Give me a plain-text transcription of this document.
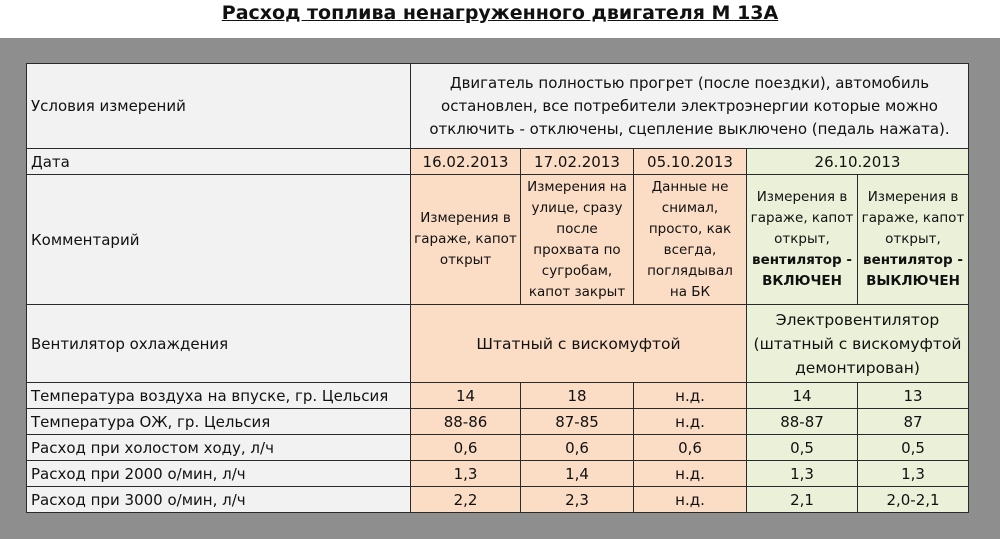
Расход топлива ненагруженного двигателя М 13А
Условия измерений	Двигатель полностью прогрет (после поездки), автомобиль остановлен, все потребители электроэнергии которые можно отключить - отключены, сцепление выключено (педаль нажата).				
Дата	16.02.2013	17.02.2013	05.10.2013	26.10.2013	
Комментарий	Измерения в гараже, капот открыт	Измерения на улице, сразу после прохвата по сугробам, капот закрыт	Данные не снимал, просто, как всегда, поглядывал на БК	Измерения в гараже, капот открыт, вентилятор - ВКЛЮЧЕН	Измерения в гараже, капот открыт, вентилятор - ВЫКЛЮЧЕН
Вентилятор охлаждения	Штатный с вискомуфтой			Электровентилятор (штатный с вискомуфтой демонтирован)	
Температура воздуха на впуске, гр. Цельсия	14	18	н.д.	14	13
Температура ОЖ, гр. Цельсия	88-86	87-85	н.д.	88-87	87
Расход при холостом ходу, л/ч	0,6	0,6	0,6	0,5	0,5
Расход при 2000 о/мин, л/ч	1,3	1,4	н.д.	1,3	1,3
Расход при 3000 о/мин, л/ч	2,2	2,3	н.д.	2,1	2,0-2,1
